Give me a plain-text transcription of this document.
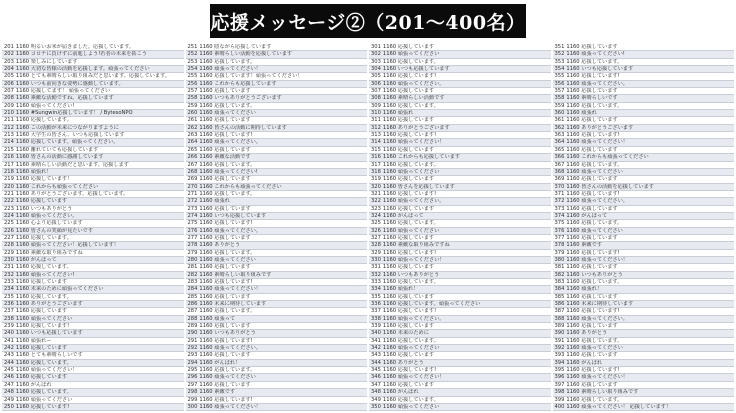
応援メッセージ②（201～400名）
201 1160 明るいお米が届きました。応援しています。
202 1160 コロナに負けずに前進しよう!若者の未来を拓こう
203 1160 楽しみにしています
204 1160 大切な皆様の活動を応援します。頑張ってください
205 1160 とても素晴らしい取り組みだと思います。応援しています。
206 1160 いつも前向きな姿勢に感動しています。
207 1160 応援してます！ 頑張ってください
208 1160 素敵な活動ですね。応援しています
209 1160 頑張ってください!
210 1160 #Sungwin応援しています！ / BytesoNPO
211 1160 応援しています。
212 1160 この活動が未来につながりますように
213 1160 大学生の皆さん、いつも応援しています
214 1160 応援しています。頑張ってください。
215 1160 離れていても応援しています
216 1160 皆さんの活動に感謝しています
217 1160 素晴らしい活動だと思います。応援します
218 1160 頑張れ！
219 1160 応援しています！
220 1160 これからも頑張ってください
221 1160 ありがとうございます。応援しています。
222 1160 応援しています
223 1160 いつもありがとう
224 1160 頑張ってください。
225 1160 心より応援しています
226 1160 皆さんの笑顔が見たいです
227 1160 応援しています。
228 1160 頑張ってください！応援しています！
229 1160 素敵な取り組みですね
230 1160 がんばって
231 1160 応援しています。
232 1160 頑張ってください!
233 1160 応援しています
234 1160 未来のために頑張ってください
235 1160 応援しています。
236 1160 ありがとうございます
237 1160 応援しています
238 1160 頑張ってください
239 1160 応援しています!
240 1160 いつも応援しています
241 1160 頑張れー
242 1160 応援しています
243 1160 とても素晴らしいです
244 1160 応援しています。
245 1160 頑張ってください！
246 1160 応援しています
247 1160 がんばれ
248 1160 応援しています。
249 1160 頑張ってください
250 1160 応援しています!
251 1160 陰ながら応援しています
252 1160 素晴らしい活動を応援しています
253 1160 応援しています。
254 1160 頑張ってください！
255 1160 応援しています！頑張ってください！
256 1160 これからも応援しています
257 1160 応援しています
258 1160 いつもありがとうございます
259 1160 応援しています。
260 1160 頑張ってください
261 1160 応援しています
262 1160 皆さんの活動に期待しています
263 1160 応援しています!
264 1160 頑張ってください。
265 1160 応援しています
266 1160 素敵な活動です
267 1160 応援しています。
268 1160 頑張ってください!
269 1160 応援しています
270 1160 これからも頑張ってください
271 1160 応援しています。
272 1160 頑張れ
273 1160 応援しています
274 1160 いつも応援しています
275 1160 応援しています!
276 1160 頑張ってください。
277 1160 応援しています
278 1160 ありがとう
279 1160 応援しています。
280 1160 頑張ってください
281 1160 応援しています
282 1160 素晴らしい取り組みです
283 1160 応援しています!
284 1160 頑張ってください！
285 1160 応援しています
286 1160 未来に期待しています
287 1160 応援しています。
288 1160 頑張って
289 1160 応援しています
290 1160 いつもありがとう
291 1160 応援しています!
292 1160 頑張ってください。
293 1160 応援しています
294 1160 がんばれ！
295 1160 応援しています。
296 1160 頑張ってください
297 1160 応援しています
298 1160 素敵です
299 1160 応援しています!
300 1160 頑張ってください！
301 1160 応援しています
302 1160 頑張ってください
303 1160 応援しています。
304 1160 いつも応援しています
305 1160 応援しています!
306 1160 頑張ってください。
307 1160 応援しています
308 1160 素晴らしい活動です
309 1160 応援しています。
310 1160 頑張れ
311 1160 応援しています
312 1160 ありがとうございます
313 1160 応援しています!
314 1160 頑張ってください！
315 1160 応援しています
316 1160 これからも応援しています
317 1160 応援しています。
318 1160 頑張ってください
319 1160 応援しています
320 1160 皆さんを応援しています
321 1160 応援しています!
322 1160 頑張ってください。
323 1160 応援しています
324 1160 がんばって
325 1160 応援しています。
326 1160 頑張ってください
327 1160 応援しています
328 1160 素敵な取り組みですね
329 1160 応援しています!
330 1160 頑張ってください！
331 1160 応援しています
332 1160 いつもありがとう
333 1160 応援しています。
334 1160 頑張れ！
335 1160 応援しています
336 1160 応援しています。頑張ってください
337 1160 応援しています!
338 1160 頑張ってください。
339 1160 応援しています
340 1160 未来のために
341 1160 応援しています。
342 1160 頑張ってください
343 1160 応援しています
344 1160 ありがとう
345 1160 応援しています!
346 1160 頑張ってください！
347 1160 応援しています
348 1160 がんばれ
349 1160 応援しています。
350 1160 頑張ってください
351 1160 応援しています
352 1160 頑張ってください!
353 1160 応援しています。
354 1160 いつも応援しています
355 1160 応援しています!
356 1160 頑張ってください。
357 1160 応援しています
358 1160 素晴らしいです
359 1160 応援しています。
360 1160 頑張れ
361 1160 応援しています
362 1160 ありがとうございます
363 1160 応援しています!
364 1160 頑張ってください！
365 1160 応援しています
366 1160 これからも頑張ってください
367 1160 応援しています。
368 1160 頑張ってください
369 1160 応援しています
370 1160 皆さんの活動を応援しています
371 1160 応援しています!
372 1160 頑張ってください。
373 1160 応援しています
374 1160 がんばって
375 1160 応援しています。
376 1160 頑張ってください
377 1160 応援しています
378 1160 素敵です
379 1160 応援しています!
380 1160 頑張ってください！
381 1160 応援しています
382 1160 いつもありがとう
383 1160 応援しています。
384 1160 頑張れ！
385 1160 応援しています
386 1160 未来に期待しています
387 1160 応援しています!
388 1160 頑張ってください。
389 1160 応援しています
390 1160 ありがとう
391 1160 応援しています。
392 1160 頑張ってください
393 1160 応援しています
394 1160 がんばれ
395 1160 応援しています!
396 1160 頑張ってください！
397 1160 応援しています
398 1160 素晴らしい取り組みです
399 1160 応援しています。
400 1160 頑張ってください！ 応援しています！
